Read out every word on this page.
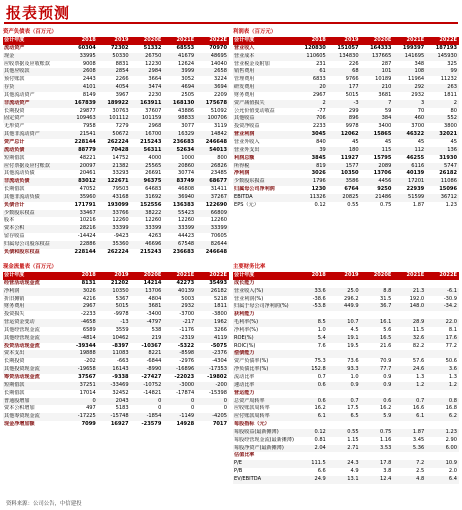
报表预测
资产负债表（百万元）
会计年度	2018	2019	2020E	2021E	2022E
流动资产	60304	72302	51332	68553	70970
现金	33995	50330	26750	41679	48695
应收票据及应收账款	9008	8831	12230	12624	14040
其他应收款	2608	2854	2984	3999	2658
预付账款	2443	2266	3664	3052	3224
存货	4101	4054	3474	4694	3694
其他流动资产	8149	3967	2230	2505	2209
非流动资产	167839	189922	163911	168130	175678
长期投资	29877	30763	37607	43886	51092
固定资产	109463	101112	101159	98833	100706
无形资产	7958	7279	2968	3077	3119
其他非流动资产	21541	50672	16700	16329	14842
资产总计	228144	262224	215243	236683	246648
流动负债	88779	70428	56311	52634	54013
短期借款	48221	14752	4000	1000	800
应付票据及应付账款	20097	21382	25565	20860	26826
其他流动负债	20461	33293	26691	30774	23485
非流动负债	83012	122671	96375	83749	68677
长期借款	47052	79503	64683	46808	31411
其他非流动负债	35960	43168	31692	36940	37267
负债合计	171791	193099	152556	136383	122690
少数股东权益	33467	33766	38222	55423	66809
股本	10216	12260	12260	12260	12260
资本公积	28216	33399	33399	33399	33399
留存收益	-14424	-9423	4263	44423	70605
归属母公司股东权益	22886	35360	46696	67548	82644
负债和股东权益	228144	262224	215243	236683	246648
现金流量表（百万元）
会计年度	2018	2019	2020E	2021E	2022E
经营活动现金流	8131	21202	14214	42273	35493
净利润	3026	10350	13706	40139	26182
折旧摊销	4216	5367	4804	5003	5218
财务费用	2967	5015	3681	2932	1811
投资损失	-2233	-9978	-3400	-3700	-3800
营运资金变动	-4658	-13	-4797	-217	1962
其他经营现金流	6589	3559	538	-1176	3266
其他经营现金流	-4814	10462	219	-2319	4119
投资活动现金流	-39344	-8397	-10367	-5322	-5075
资本支出	19888	11083	8221	-8598	-2376
长期投资	-202	-663	-6844	-2976	-4304
其他投资现金流	-19658	16143	-8990	-16896	-17353
筹资活动现金流	37567	-9338	-27427	-22023	-19802
短期借款	37251	-33469	-10752	-3000	-200
长期借款	17014	32452	-14821	-17874	-15398
普通股增加	0	2043	0	0	0
资本公积增加	497	5183	0	0	0
其他筹资现金流	-17225	-15748	-1854	-1149	-4205
现金净增加额	7099	16927	-23579	14928	7017
利润表（百万元）
会计年度	2018	2019	2020E	2021E	2022E
营业收入	120830	151057	164333	199397	187193
营业成本	110605	134830	137665	141695	145930
营业税金及附加	231	226	287	348	325
销售费用	61	68	101	108	99
管理费用	6833	9766	10189	11964	11232
研发费用	20	177	210	292	263
财务费用	2967	5015	3681	2932	1811
资产减值损失	2	-3	7	3	2
公允价值变动收益	-77	299	59	70	80
其他收益	706	896	384	460	552
投资净收益	2233	9978	3400	3700	3800
营业利润	3045	12062	15865	46322	32021
营业外收入	840	45	45	45	45
营业外支出	39	180	115	112	136
利润总额	3845	11927	15795	46255	31930
所得税	819	1577	2089	6116	5747
净利润	3026	10350	13706	40139	26182
少数股东损益	1796	3586	4456	17201	11086
归属母公司净利润	1230	6764	9250	22939	15096
EBITDA	11326	20825	21486	51599	36712
EPS（元）	0.12	0.55	0.75	1.87	1.23
主要财务比率
会计年度	2018	2019	2020E	2021E	2022E
成长能力					
营业收入(%)	33.6	25.0	8.8	21.3	-6.1
营业利润(%)	-38.6	296.2	31.5	192.0	-30.9
归属于母公司净利润(%)	-53.8	449.9	36.7	148.0	-34.2
获利能力					
毛利率(%)	8.5	10.7	16.1	28.9	22.0
净利率(%)	1.0	4.5	5.6	11.5	8.1
ROE(%)	5.4	19.1	16.5	32.6	17.6
ROIC(%)	7.6	19.5	21.6	82.2	77.2
偿债能力					
资产负债率(%)	75.3	73.6	70.9	57.6	50.6
净负债比率(%)	152.8	93.3	77.7	24.6	3.6
流动比率	0.7	1.0	0.9	1.3	1.3
速动比率	0.6	0.9	0.9	1.2	1.2
营运能力					
总资产周转率	0.6	0.7	0.6	0.7	0.8
应收账款周转率	16.2	17.5	16.2	16.6	16.8
应付账款周转率	6.1	6.5	5.9	6.1	6.2
每股指标（元）					
每股收益(最新摊薄)	0.12	0.55	0.75	1.87	1.23
每股经营现金流(最新摊薄)	0.81	1.15	1.16	3.45	2.90
每股净资产(最新摊薄)	2.04	2.71	3.53	5.36	6.00
估值比率					
P/E	111.5	24.3	17.8	7.2	10.9
P/B	6.6	4.9	3.8	2.5	2.0
EV/EBITDA	24.9	13.1	12.4	4.8	6.4
资料来源：公司公告，中信建投
